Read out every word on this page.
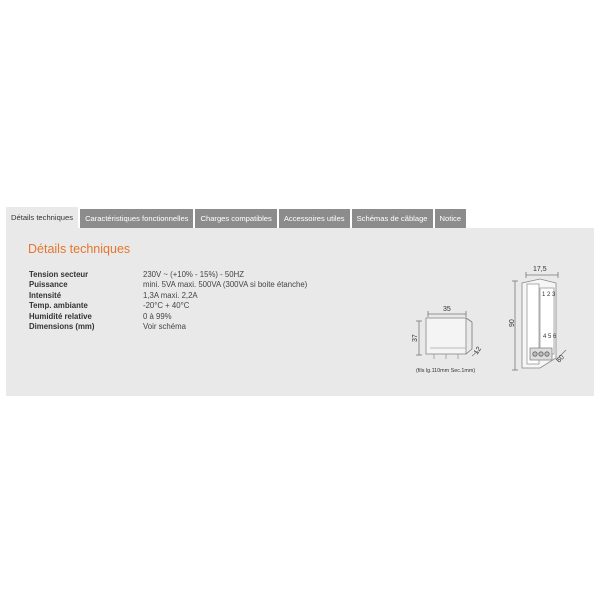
Détails techniques	Caractéristiques fonctionnelles	Charges compatibles	Accessoires utiles	Schémas de câblage	Notice
Détails techniques
Tension secteur	230V ~ (+10% - 15%) - 50HZ
Puissance	mini. 5VA maxi. 500VA (300VA si boite étanche)
Intensité	1,3A maxi. 2,2A
Temp. ambiante	-20°C + 40°C
Humidité relative	0 à 99%
Dimensions (mm)	Voir schéma
35
37
12
(fils lg.110mm Sec.1mm)
17,5
90
60
1 2 3
4 5 6
